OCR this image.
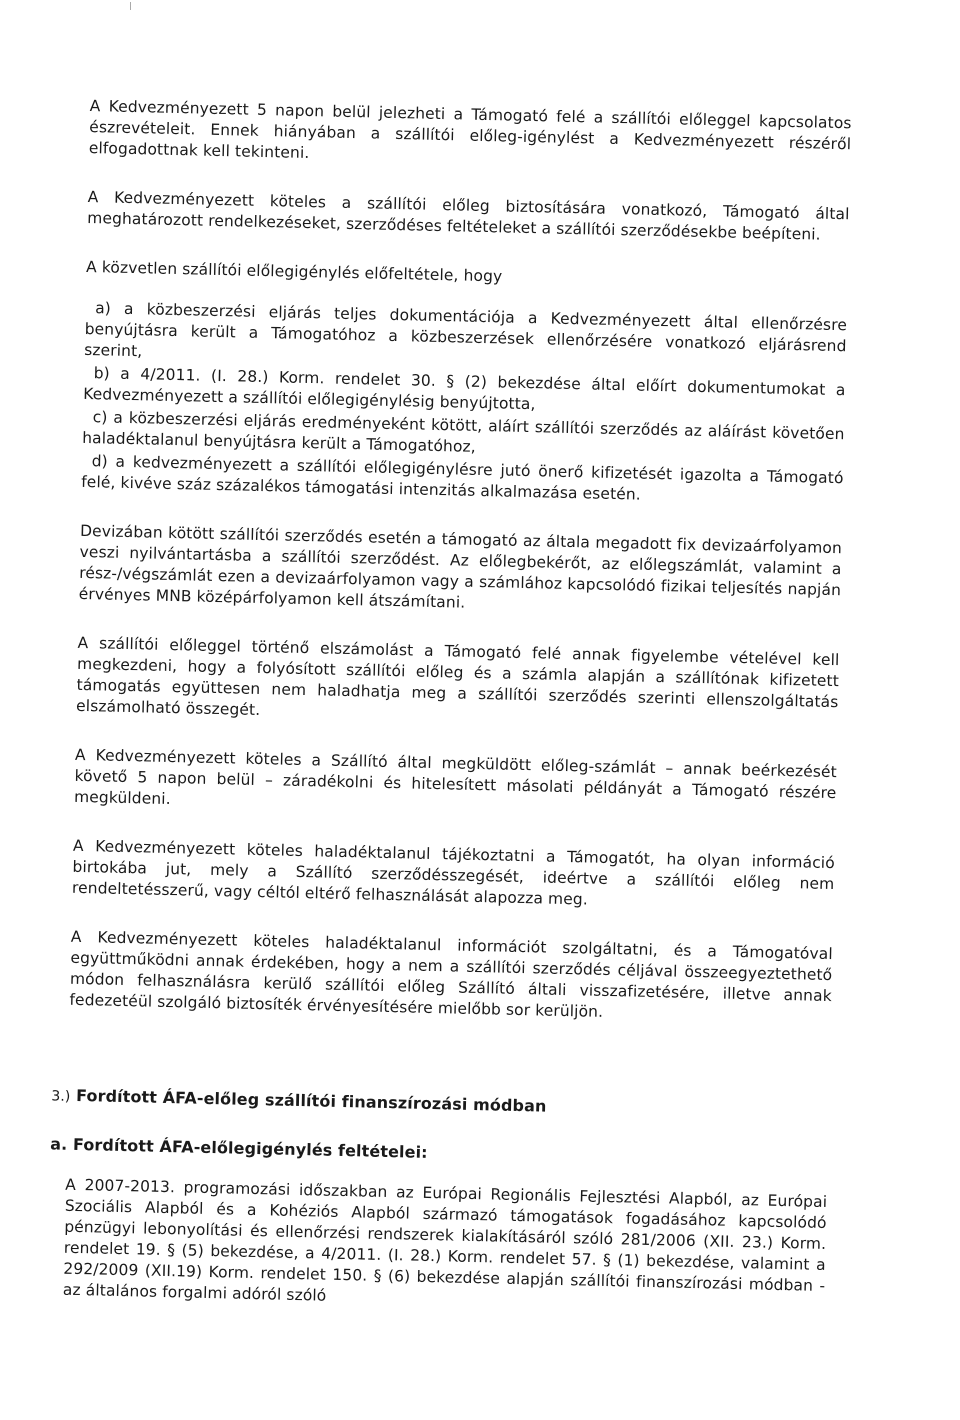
A Kedvezményezett 5 napon belül jelezheti a Támogató felé a szállítói előleggel kapcsolatos észrevételeit. Ennek hiányában a szállítói előleg-igénylést a Kedvezményezett részéről elfogadottnak kell tekinteni.

A Kedvezményezett köteles a szállítói előleg biztosítására vonatkozó, Támogató által meghatározott rendelkezéseket, szerződéses feltételeket a szállítói szerződésekbe beépíteni.

A közvetlen szállítói előlegigénylés előfeltétele, hogy

a) a közbeszerzési eljárás teljes dokumentációja a Kedvezményezett által ellenőrzésre benyújtásra került a Támogatóhoz a közbeszerzések ellenőrzésére vonatkozó eljárásrend szerint,

b) a 4/2011. (I. 28.) Korm. rendelet 30. § (2) bekezdése által előírt dokumentumokat a Kedvezményezett a szállítói előlegigénylésig benyújtotta,

c) a közbeszerzési eljárás eredményeként kötött, aláírt szállítói szerződés az aláírást követően haladéktalanul benyújtásra került a Támogatóhoz,

d) a kedvezményezett a szállítói előlegigénylésre jutó önerő kifizetését igazolta a Támogató felé, kivéve száz százalékos támogatási intenzitás alkalmazása esetén.

Devizában kötött szállítói szerződés esetén a támogató az általa megadott fix devizaárfolyamon veszi nyilvántartásba a szállítói szerződést. Az előlegbekérőt, az előlegszámlát, valamint a rész-/végszámlát ezen a devizaárfolyamon vagy a számlához kapcsolódó fizikai teljesítés napján érvényes MNB középárfolyamon kell átszámítani.

A szállítói előleggel történő elszámolást a Támogató felé annak figyelembe vételével kell megkezdeni, hogy a folyósított szállítói előleg és a számla alapján a szállítónak kifizetett támogatás együttesen nem haladhatja meg a szállítói szerződés szerinti ellenszolgáltatás elszámolható összegét.

A Kedvezményezett köteles a Szállító által megküldött előleg-számlát – annak beérkezését követő 5 napon belül – záradékolni és hitelesített másolati példányát a Támogató részére megküldeni.

A Kedvezményezett köteles haladéktalanul tájékoztatni a Támogatót, ha olyan információ birtokába jut, mely a Szállító szerződésszegését, ideértve a szállítói előleg nem rendeltetésszerű, vagy céltól eltérő felhasználását alapozza meg.

A Kedvezményezett köteles haladéktalanul információt szolgáltatni, és a Támogatóval együttműködni annak érdekében, hogy a nem a szállítói szerződés céljával összeegyeztethető módon felhasználásra kerülő szállítói előleg Szállító általi visszafizetésére, illetve annak fedezetéül szolgáló biztosíték érvényesítésére mielőbb sor kerüljön.

3.) Fordított ÁFA-előleg szállítói finanszírozási módban
a. Fordított ÁFA-előlegigénylés feltételei:

A 2007-2013. programozási időszakban az Európai Regionális Fejlesztési Alapból, az Európai Szociális Alapból és a Kohéziós Alapból származó támogatások fogadásához kapcsolódó pénzügyi lebonyolítási és ellenőrzési rendszerek kialakításáról szóló 281/2006 (XII. 23.) Korm. rendelet 19. § (5) bekezdése, a 4/2011. (I. 28.) Korm. rendelet 57. § (1) bekezdése, valamint a 292/2009 (XII.19) Korm. rendelet 150. § (6) bekezdése alapján szállítói finanszírozási módban - az általános forgalmi adóról szóló
